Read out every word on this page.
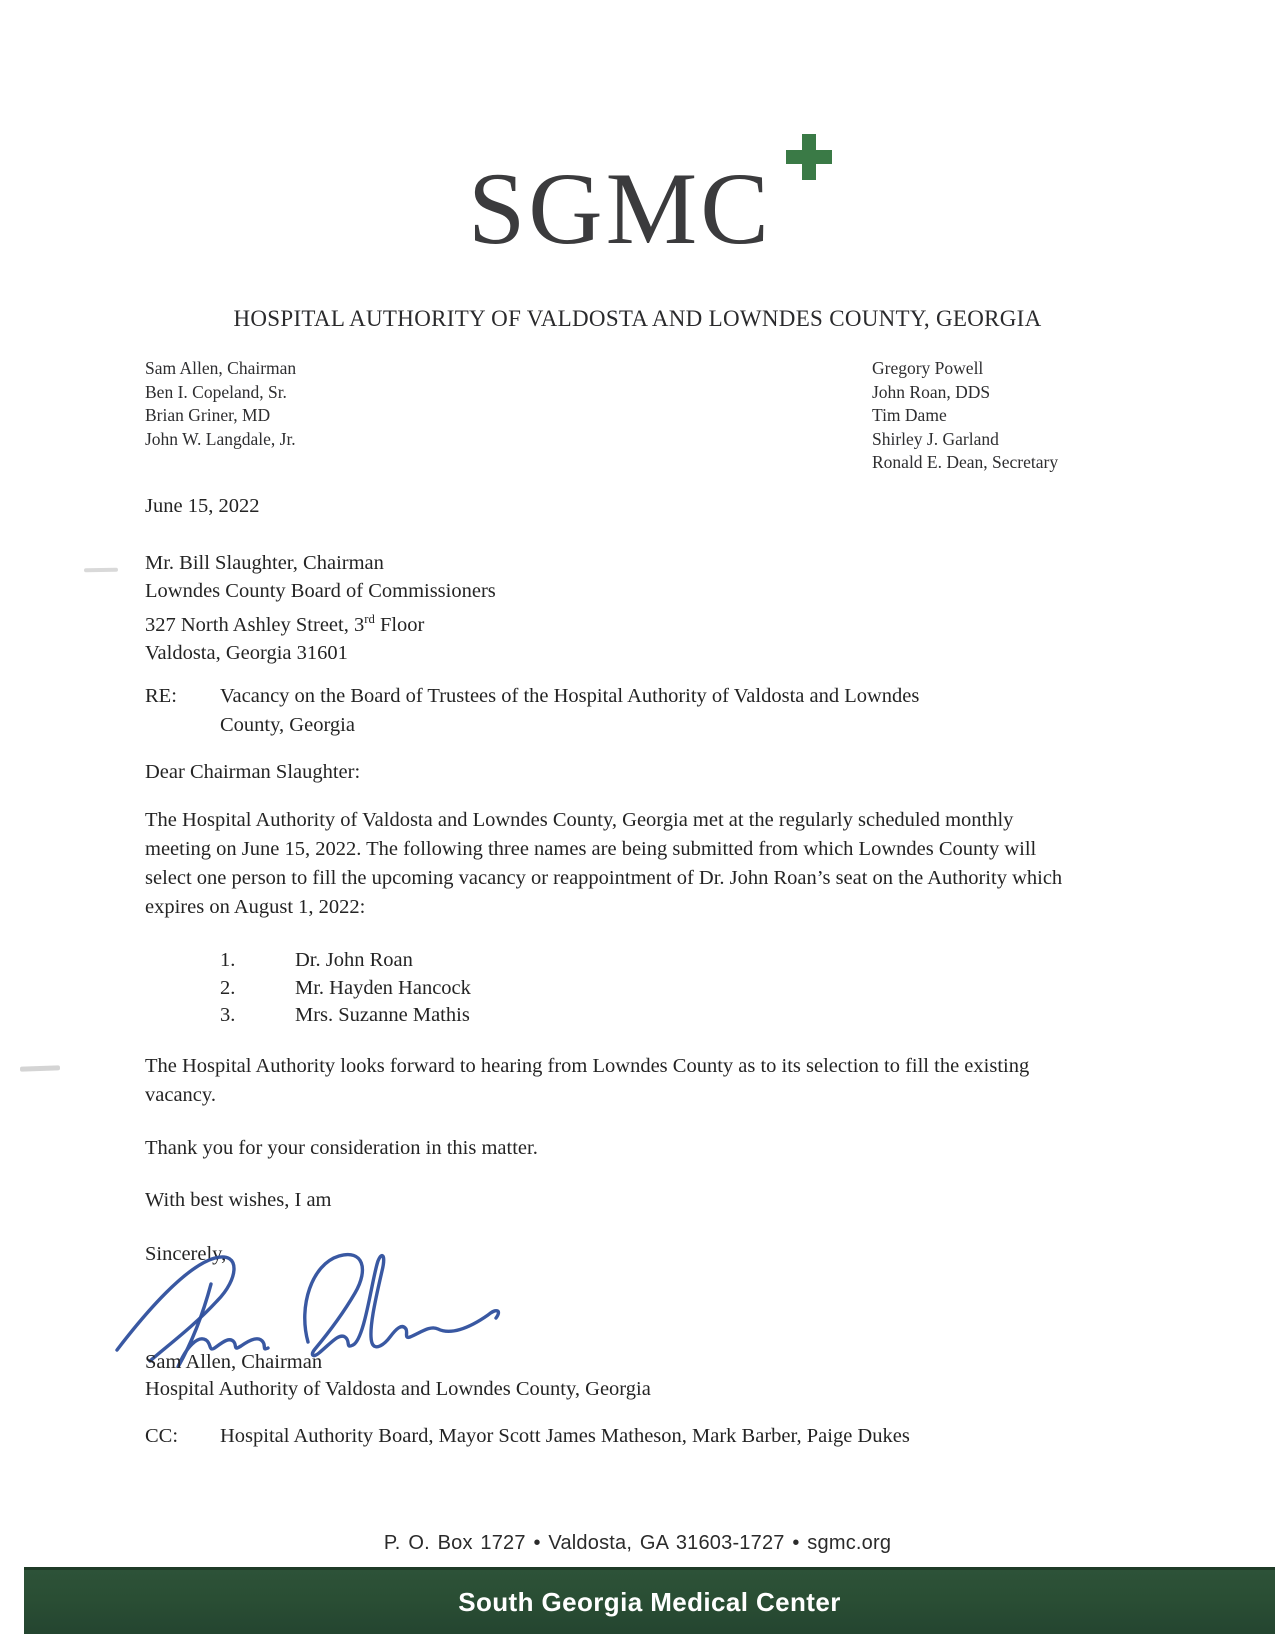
SGMC
HOSPITAL AUTHORITY OF VALDOSTA AND LOWNDES COUNTY, GEORGIA
Sam Allen, Chairman
Ben I. Copeland, Sr.
Brian Griner, MD
John W. Langdale, Jr.
Gregory Powell
John Roan, DDS
Tim Dame
Shirley J. Garland
Ronald E. Dean, Secretary
June 15, 2022
Mr. Bill Slaughter, Chairman
Lowndes County Board of Commissioners
327 North Ashley Street, 3rd Floor
Valdosta, Georgia 31601
RE: Vacancy on the Board of Trustees of the Hospital Authority of Valdosta and Lowndes
County, Georgia
Dear Chairman Slaughter:
The Hospital Authority of Valdosta and Lowndes County, Georgia met at the regularly scheduled monthly
meeting on June 15, 2022. The following three names are being submitted from which Lowndes County will
select one person to fill the upcoming vacancy or reappointment of Dr. John Roan’s seat on the Authority which
expires on August 1, 2022:
1.	Dr. John Roan
2.	Mr. Hayden Hancock
3.	Mrs. Suzanne Mathis
The Hospital Authority looks forward to hearing from Lowndes County as to its selection to fill the existing
vacancy.
Thank you for your consideration in this matter.
With best wishes, I am
Sincerely,
Sam Allen, Chairman
Hospital Authority of Valdosta and Lowndes County, Georgia
CC: Hospital Authority Board, Mayor Scott James Matheson, Mark Barber, Paige Dukes
P. O. Box 1727 • Valdosta, GA 31603-1727 • sgmc.org
South Georgia Medical Center
